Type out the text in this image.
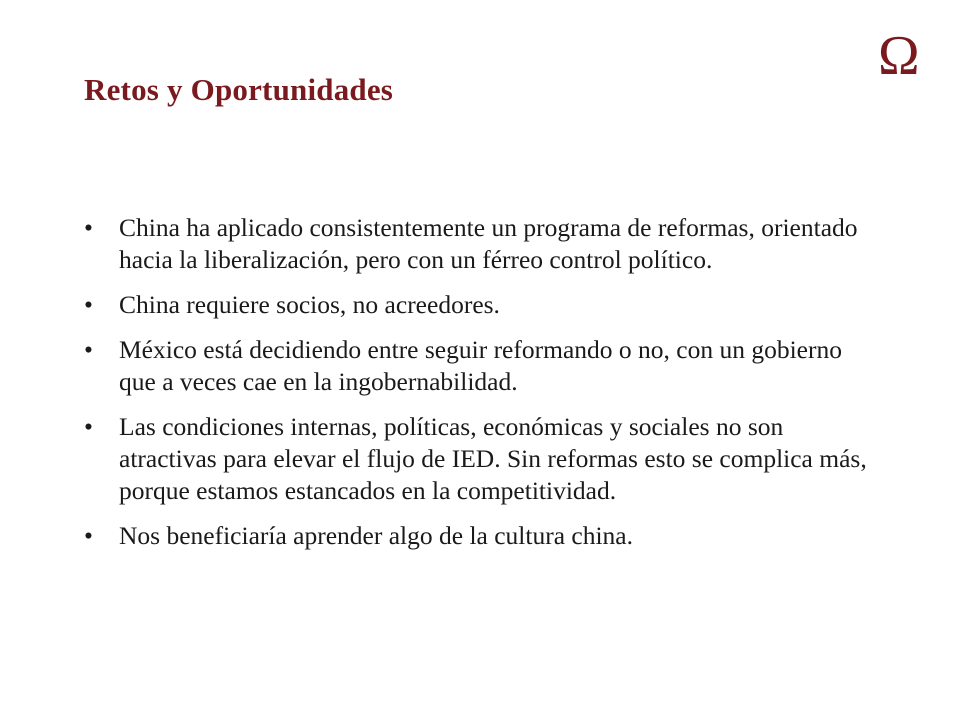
Retos y Oportunidades
Ω
•	China ha aplicado consistentemente un programa de reformas, orientado hacia la liberalización, pero con un férreo control político.
•	China requiere socios, no acreedores.
•	México está decidiendo entre seguir reformando o no, con un gobierno que a veces cae en la ingobernabilidad.
•	Las condiciones internas, políticas, económicas y sociales no son atractivas para elevar el flujo de IED. Sin reformas esto se complica más, porque estamos estancados en la competitividad.
•	Nos beneficiaría aprender algo de la cultura china.
